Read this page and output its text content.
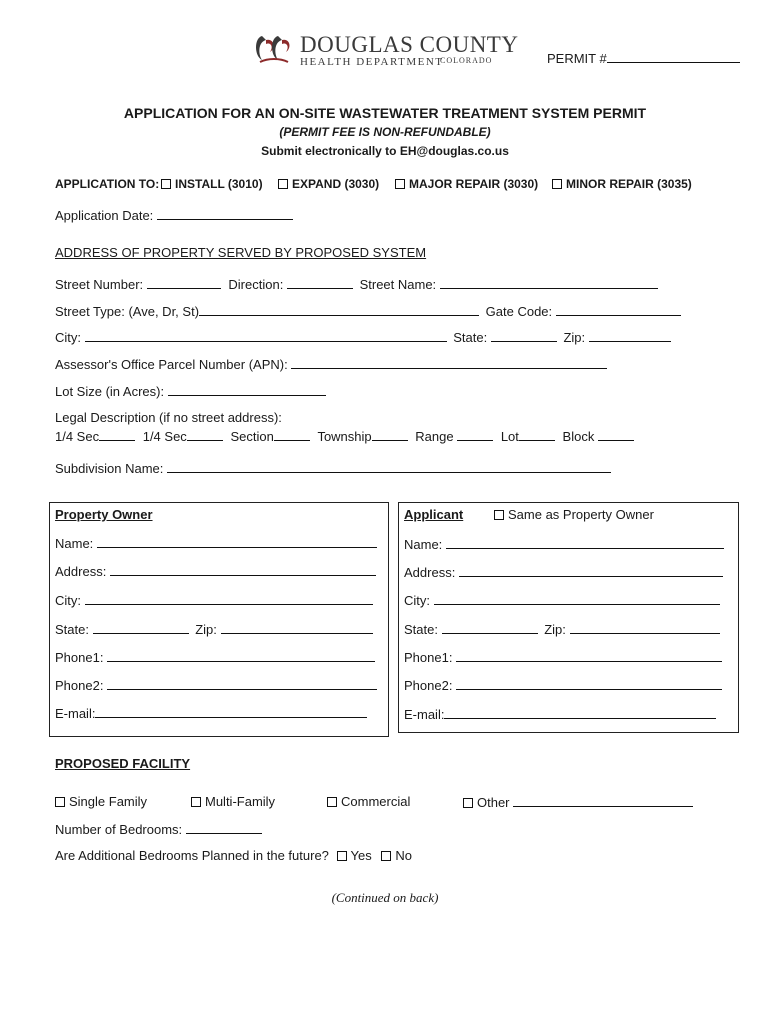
DOUGLAS COUNTY
HEALTH DEPARTMENT
COLORADO	PERMIT #
APPLICATION FOR AN ON-SITE WASTEWATER TREATMENT SYSTEM PERMIT
(PERMIT FEE IS NON-REFUNDABLE)
Submit electronically to EH@douglas.co.us
APPLICATION TO:	INSTALL (3010)	EXPAND (3030)	MAJOR REPAIR (3030)	MINOR REPAIR (3035)
Application Date:
ADDRESS OF PROPERTY SERVED BY PROPOSED SYSTEM
Street Number:	Direction:	Street Name:
Street Type: (Ave, Dr, St)	Gate Code:
City:	State:	Zip:
Assessor's Office Parcel Number (APN):
Lot Size (in Acres):
Legal Description (if no street address):
1/4 Sec	1/4 Sec	Section	Township	Range	Lot	Block
Subdivision Name:
Property Owner
Name:
Address:
City:
State:	Zip:
Phone1:
Phone2:
E-mail:
Applicant	Same as Property Owner
Name:
Address:
City:
State:	Zip:
Phone1:
Phone2:
E-mail:
PROPOSED FACILITY
Single Family	Multi-Family	Commercial	Other
Number of Bedrooms:
Are Additional Bedrooms Planned in the future? Yes No
(Continued on back)
